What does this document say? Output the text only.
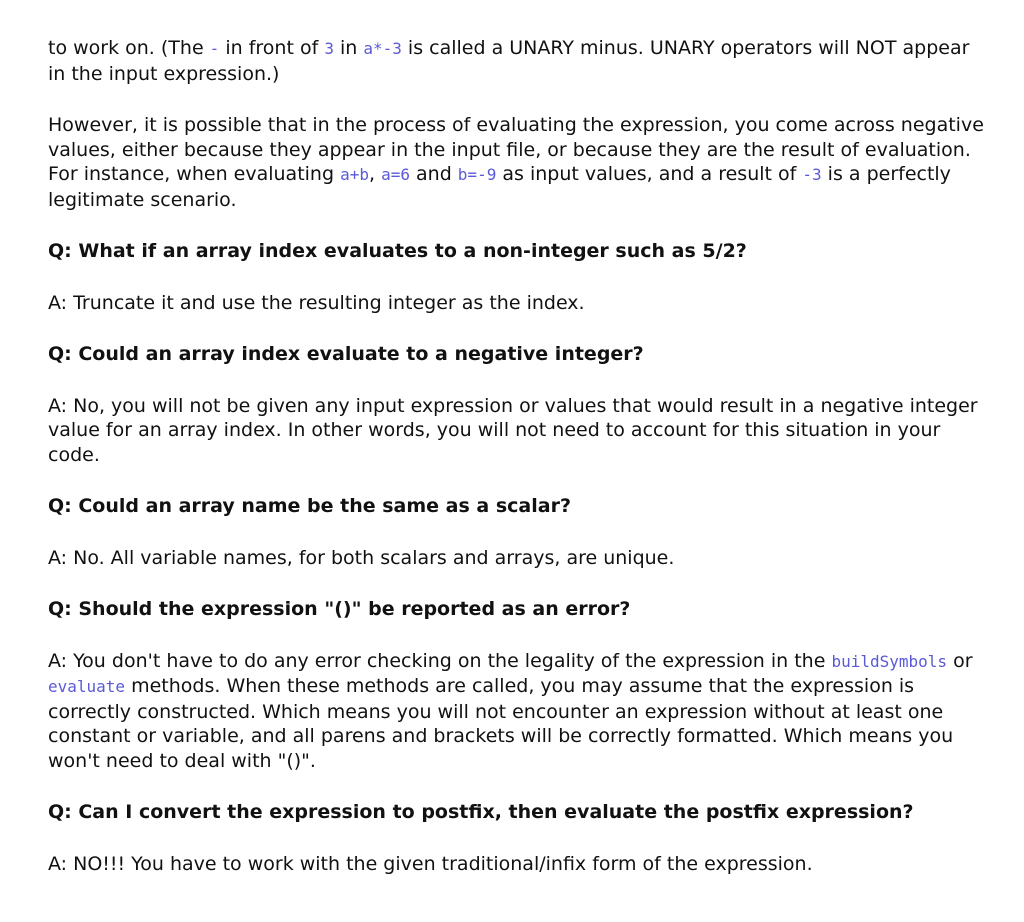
to work on. (The - in front of 3 in a*-3 is called a UNARY minus. UNARY operators will NOT appear in the input expression.)

However, it is possible that in the process of evaluating the expression, you come across negative values, either because they appear in the input file, or because they are the result of evaluation. For instance, when evaluating a+b, a=6 and b=-9 as input values, and a result of -3 is a perfectly legitimate scenario.

Q: What if an array index evaluates to a non-integer such as 5/2?

A: Truncate it and use the resulting integer as the index.

Q: Could an array index evaluate to a negative integer?

A: No, you will not be given any input expression or values that would result in a negative integer value for an array index. In other words, you will not need to account for this situation in your code.

Q: Could an array name be the same as a scalar?

A: No. All variable names, for both scalars and arrays, are unique.

Q: Should the expression "()" be reported as an error?

A: You don't have to do any error checking on the legality of the expression in the buildSymbols or evaluate methods. When these methods are called, you may assume that the expression is correctly constructed. Which means you will not encounter an expression without at least one constant or variable, and all parens and brackets will be correctly formatted. Which means you won't need to deal with "()".

Q: Can I convert the expression to postfix, then evaluate the postfix expression?

A: NO!!! You have to work with the given traditional/infix form of the expression.
